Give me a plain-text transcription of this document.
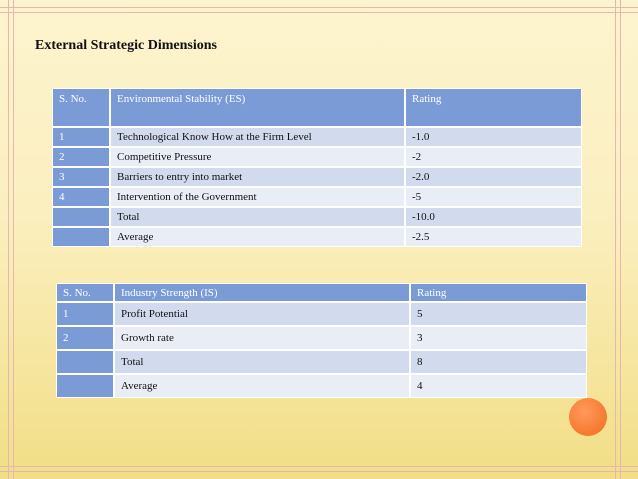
External Strategic Dimensions
S. No.	Environmental Stability (ES)	Rating
1	Technological Know How at the Firm Level	-1.0
2	Competitive Pressure	-2
3	Barriers to entry into market	-2.0
4	Intervention of the Government	-5
	Total	-10.0
	Average	-2.5
S. No.	Industry Strength (IS)	Rating
1	Profit Potential	5
2	Growth rate	3
	Total	8
	Average	4
